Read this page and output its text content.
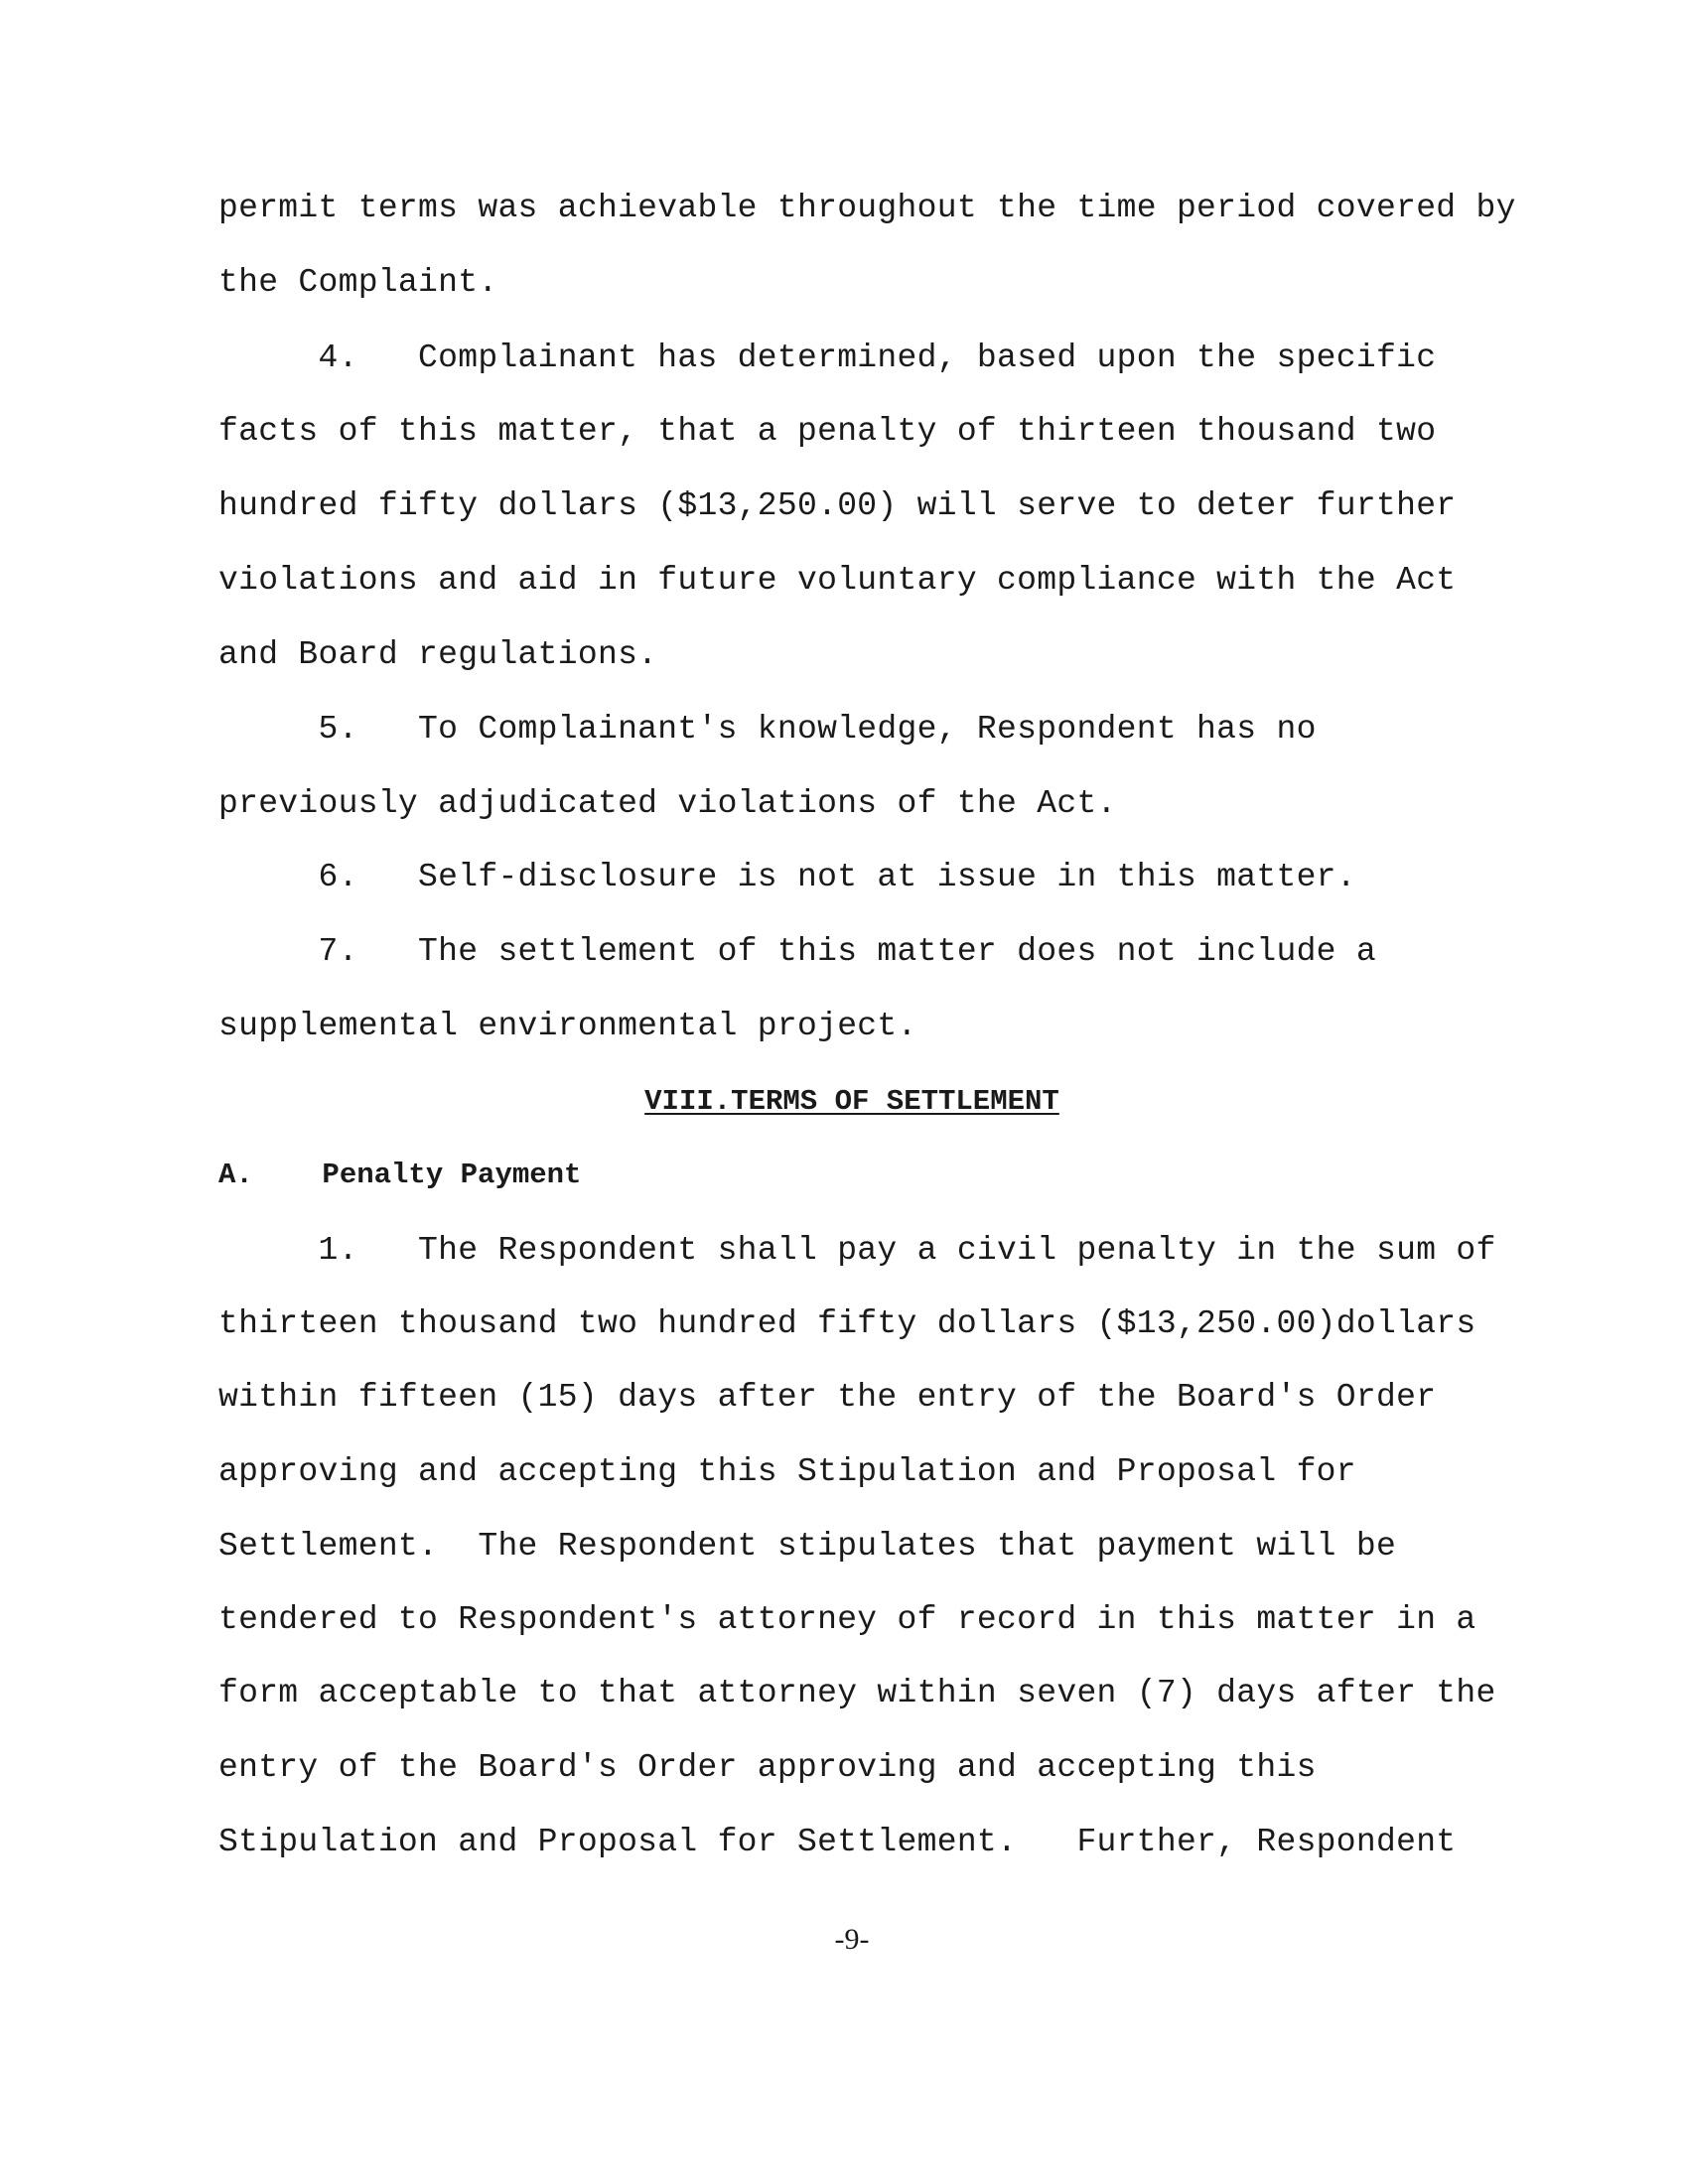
permit terms was achievable throughout the time period covered by
the Complaint.
4.   Complainant has determined, based upon the specific
facts of this matter, that a penalty of thirteen thousand two
hundred fifty dollars ($13,250.00) will serve to deter further
violations and aid in future voluntary compliance with the Act
and Board regulations.
5.   To Complainant's knowledge, Respondent has no
previously adjudicated violations of the Act.
6.   Self-disclosure is not at issue in this matter.
7.   The settlement of this matter does not include a
supplemental environmental project.
VIII.TERMS OF SETTLEMENT
A.    Penalty Payment
1.   The Respondent shall pay a civil penalty in the sum of
thirteen thousand two hundred fifty dollars ($13,250.00)dollars
within fifteen (15) days after the entry of the Board's Order
approving and accepting this Stipulation and Proposal for
Settlement.  The Respondent stipulates that payment will be
tendered to Respondent's attorney of record in this matter in a
form acceptable to that attorney within seven (7) days after the
entry of the Board's Order approving and accepting this
Stipulation and Proposal for Settlement.   Further, Respondent
-9-
